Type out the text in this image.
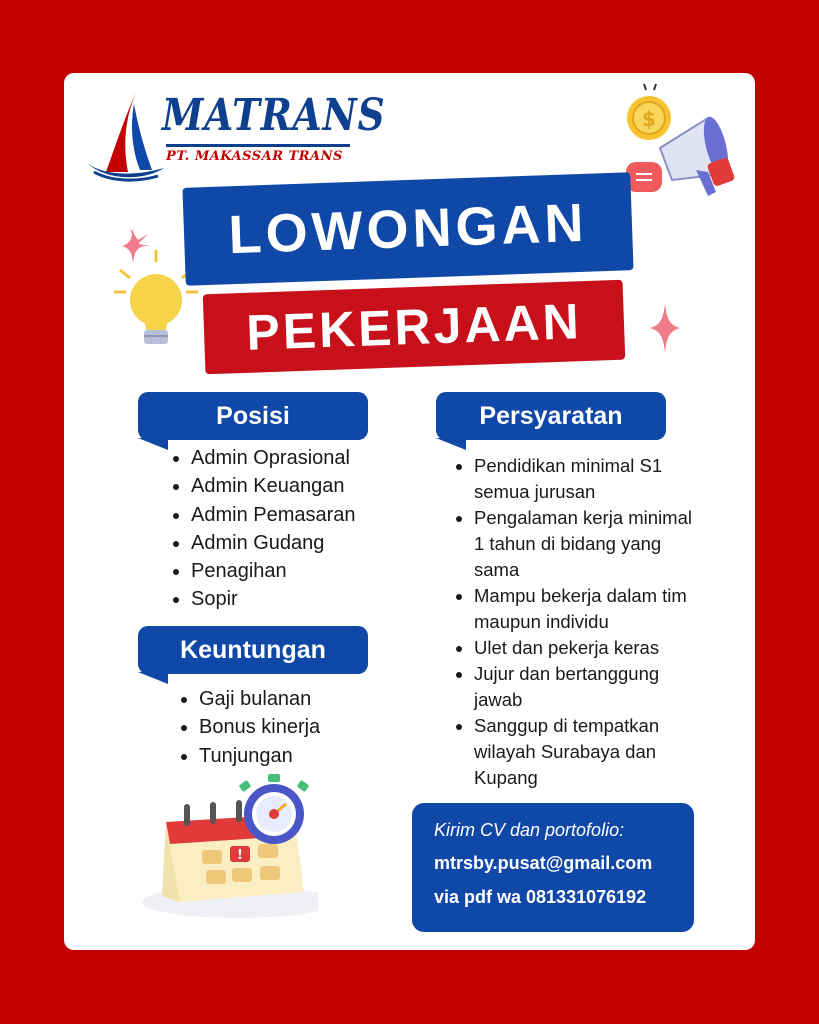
MATRANS
PT. MAKASSAR TRANS
$
LOWONGAN
PEKERJAAN
Posisi
Admin Oprasional
Admin Keuangan
Admin Pemasaran
Admin Gudang
Penagihan
Sopir
Persyaratan
Pendidikan minimal S1 semua jurusan
Pengalaman kerja minimal 1 tahun di bidang yang sama
Mampu bekerja dalam tim maupun individu
Ulet dan pekerja keras
Jujur dan bertanggung jawab
Sanggup di tempatkan wilayah Surabaya dan Kupang
Keuntungan
Gaji bulanan
Bonus kinerja
Tunjungan
!
Kirim CV dan portofolio:
mtrsby.pusat@gmail.com
via pdf wa 081331076192
